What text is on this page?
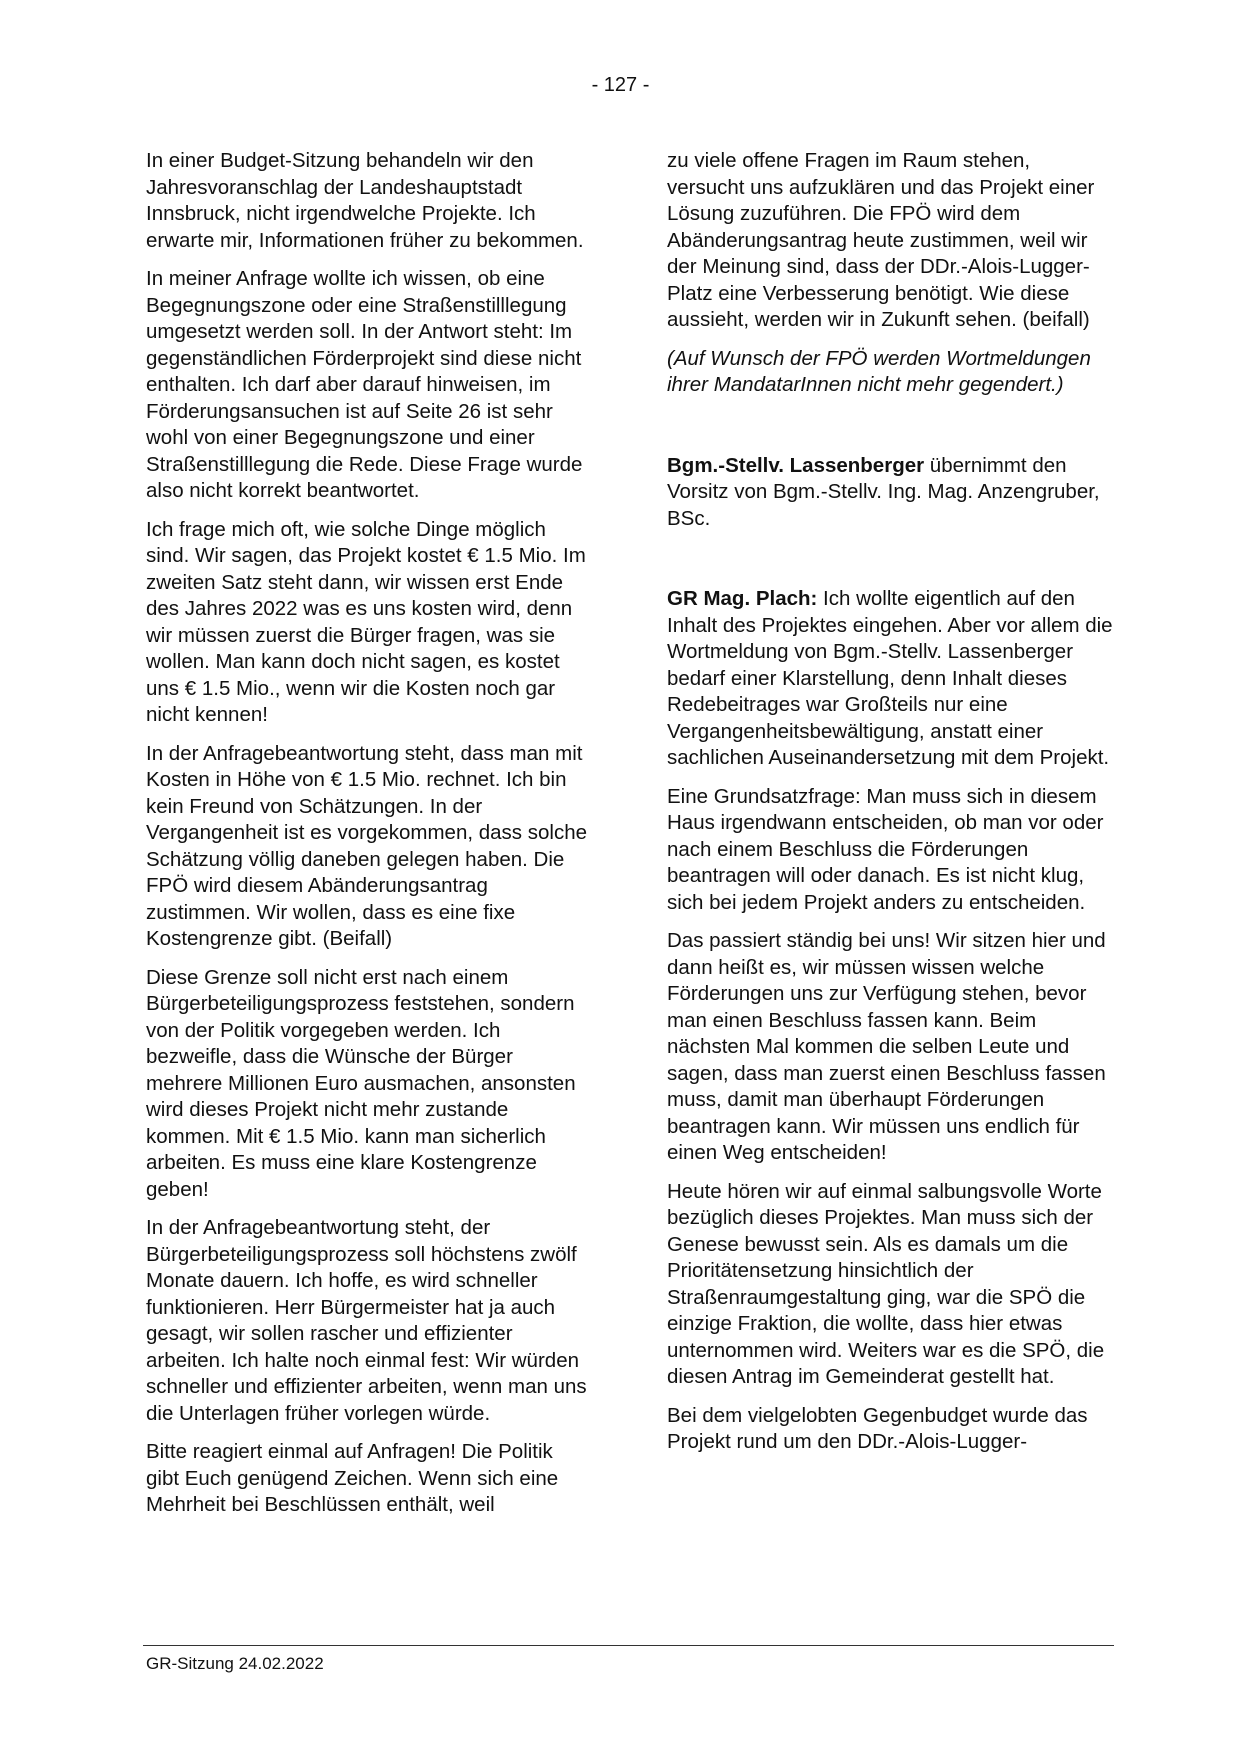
- 127 -

In einer Budget-Sitzung behandeln wir den Jahresvoranschlag der Landeshauptstadt Innsbruck, nicht irgendwelche Projekte. Ich erwarte mir, Informationen früher zu bekommen.

In meiner Anfrage wollte ich wissen, ob eine Begegnungszone oder eine Straßenstilllegung umgesetzt werden soll. In der Antwort steht: Im gegenständlichen Förderprojekt sind diese nicht enthalten. Ich darf aber darauf hinweisen, im Förderungsansuchen ist auf Seite 26 ist sehr wohl von einer Begegnungszone und einer Straßenstilllegung die Rede. Diese Frage wurde also nicht korrekt beantwortet.

Ich frage mich oft, wie solche Dinge möglich sind. Wir sagen, das Projekt kostet € 1.5 Mio. Im zweiten Satz steht dann, wir wissen erst Ende des Jahres 2022 was es uns kosten wird, denn wir müssen zuerst die Bürger fragen, was sie wollen. Man kann doch nicht sagen, es kostet uns € 1.5 Mio., wenn wir die Kosten noch gar nicht kennen!

In der Anfragebeantwortung steht, dass man mit Kosten in Höhe von € 1.5 Mio. rechnet. Ich bin kein Freund von Schätzungen. In der Vergangenheit ist es vorgekommen, dass solche Schätzung völlig daneben gelegen haben. Die FPÖ wird diesem Abänderungsantrag zustimmen. Wir wollen, dass es eine fixe Kostengrenze gibt. (Beifall)

Diese Grenze soll nicht erst nach einem Bürgerbeteiligungsprozess feststehen, sondern von der Politik vorgegeben werden. Ich bezweifle, dass die Wünsche der Bürger mehrere Millionen Euro ausmachen, ansonsten wird dieses Projekt nicht mehr zustande kommen. Mit € 1.5 Mio. kann man sicherlich arbeiten. Es muss eine klare Kostengrenze geben!

In der Anfragebeantwortung steht, der Bürgerbeteiligungsprozess soll höchstens zwölf Monate dauern. Ich hoffe, es wird schneller funktionieren. Herr Bürgermeister hat ja auch gesagt, wir sollen rascher und effizienter arbeiten. Ich halte noch einmal fest: Wir würden schneller und effizienter arbeiten, wenn man uns die Unterlagen früher vorlegen würde.

Bitte reagiert einmal auf Anfragen! Die Politik gibt Euch genügend Zeichen. Wenn sich eine Mehrheit bei Beschlüssen enthält, weil

zu viele offene Fragen im Raum stehen, versucht uns aufzuklären und das Projekt einer Lösung zuzuführen. Die FPÖ wird dem Abänderungsantrag heute zustimmen, weil wir der Meinung sind, dass der DDr.-Alois-Lugger-Platz eine Verbesserung benötigt. Wie diese aussieht, werden wir in Zukunft sehen. (beifall)

(Auf Wunsch der FPÖ werden Wortmeldungen ihrer MandatarInnen nicht mehr gegendert.)

Bgm.-Stellv. Lassenberger übernimmt den Vorsitz von Bgm.-Stellv. Ing. Mag. Anzengruber, BSc.

GR Mag. Plach: Ich wollte eigentlich auf den Inhalt des Projektes eingehen. Aber vor allem die Wortmeldung von Bgm.-Stellv. Lassenberger bedarf einer Klarstellung, denn Inhalt dieses Redebeitrages war Großteils nur eine Vergangenheitsbewältigung, anstatt einer sachlichen Auseinandersetzung mit dem Projekt.

Eine Grundsatzfrage: Man muss sich in diesem Haus irgendwann entscheiden, ob man vor oder nach einem Beschluss die Förderungen beantragen will oder danach. Es ist nicht klug, sich bei jedem Projekt anders zu entscheiden.

Das passiert ständig bei uns! Wir sitzen hier und dann heißt es, wir müssen wissen welche Förderungen uns zur Verfügung stehen, bevor man einen Beschluss fassen kann. Beim nächsten Mal kommen die selben Leute und sagen, dass man zuerst einen Beschluss fassen muss, damit man überhaupt Förderungen beantragen kann. Wir müssen uns endlich für einen Weg entscheiden!

Heute hören wir auf einmal salbungsvolle Worte bezüglich dieses Projektes. Man muss sich der Genese bewusst sein. Als es damals um die Prioritätensetzung hinsichtlich der Straßenraumgestaltung ging, war die SPÖ die einzige Fraktion, die wollte, dass hier etwas unternommen wird. Weiters war es die SPÖ, die diesen Antrag im Gemeinderat gestellt hat.

Bei dem vielgelobten Gegenbudget wurde das Projekt rund um den DDr.-Alois-Lugger-

GR-Sitzung 24.02.2022
